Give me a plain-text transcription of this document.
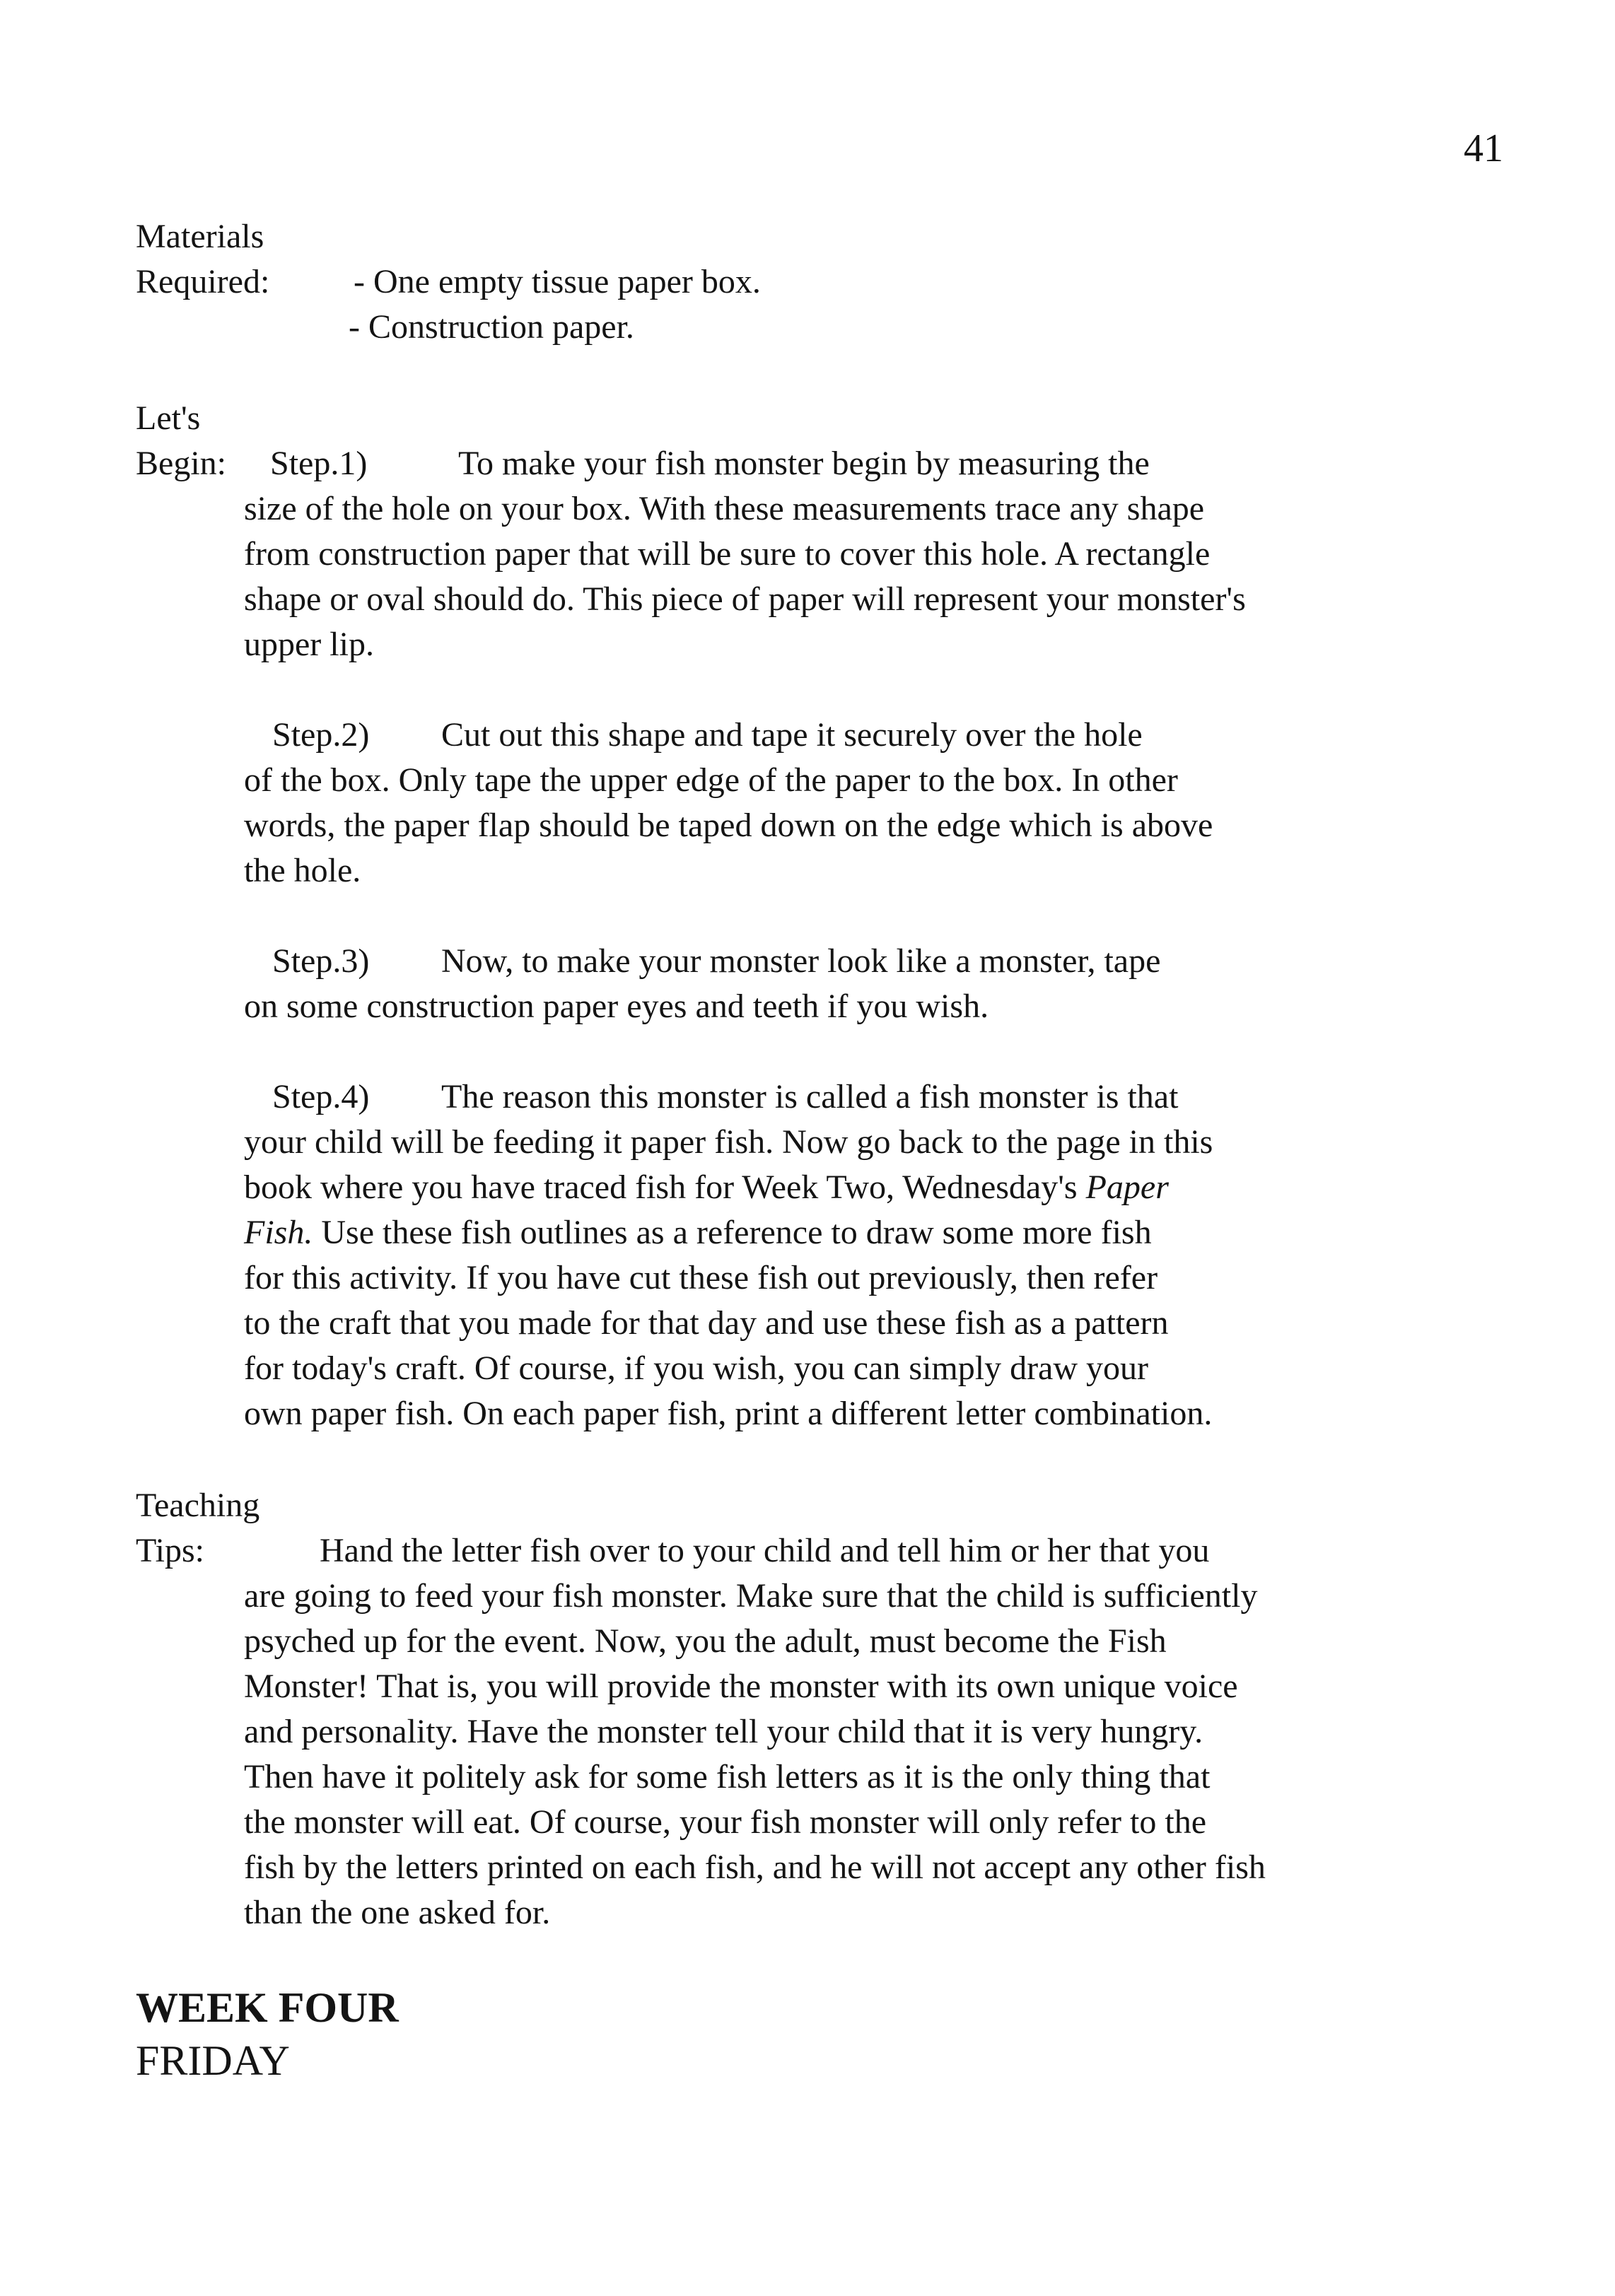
41
Materials
Required: - One empty tissue paper box.
- Construction paper.
Let's
Begin: Step.1)	To make your fish monster begin by measuring the
size of the hole on your box. With these measurements trace any shape
from construction paper that will be sure to cover this hole. A rectangle
shape or oval should do. This piece of paper will represent your monster's
upper lip.
Step.2) Cut out this shape and tape it securely over the hole
of the box. Only tape the upper edge of the paper to the box. In other
words, the paper flap should be taped down on the edge which is above
the hole.
Step.3) Now, to make your monster look like a monster, tape
on some construction paper eyes and teeth if you wish.
Step.4) The reason this monster is called a fish monster is that
your child will be feeding it paper fish. Now go back to the page in this
book where you have traced fish for Week Two, Wednesday's Paper
Fish. Use these fish outlines as a reference to draw some more fish
for this activity. If you have cut these fish out previously, then refer
to the craft that you made for that day and use these fish as a pattern
for today's craft. Of course, if you wish, you can simply draw your
own paper fish. On each paper fish, print a different letter combination.
Teaching
Tips:	Hand the letter fish over to your child and tell him or her that you
are going to feed your fish monster. Make sure that the child is sufficiently
psyched up for the event. Now, you the adult, must become the Fish
Monster! That is, you will provide the monster with its own unique voice
and personality. Have the monster tell your child that it is very hungry.
Then have it politely ask for some fish letters as it is the only thing that
the monster will eat. Of course, your fish monster will only refer to the
fish by the letters printed on each fish, and he will not accept any other fish
than the one asked for.
WEEK FOUR
FRIDAY
